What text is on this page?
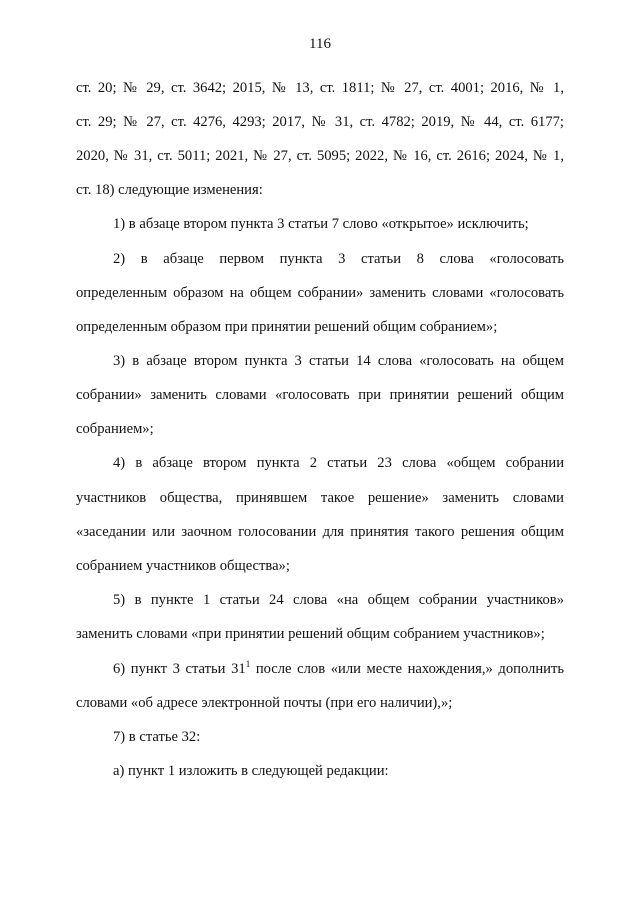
116
ст. 20; № 29, ст. 3642; 2015, № 13, ст. 1811; № 27, ст. 4001; 2016, № 1,
ст. 29; № 27, ст. 4276, 4293; 2017, № 31, ст. 4782; 2019, № 44, ст. 6177;
2020, № 31, ст. 5011; 2021, № 27, ст. 5095; 2022, № 16, ст. 2616; 2024, № 1,
ст. 18) следующие изменения:
1) в абзаце втором пункта 3 статьи 7 слово «открытое» исключить;
2) в абзаце первом пункта 3 статьи 8 слова «голосовать
определенным образом на общем собрании» заменить словами «голосовать
определенным образом при принятии решений общим собранием»;
3) в абзаце втором пункта 3 статьи 14 слова «голосовать на общем
собрании» заменить словами «голосовать при принятии решений общим
собранием»;
4) в абзаце втором пункта 2 статьи 23 слова «общем собрании
участников общества, принявшем такое решение» заменить словами
«заседании или заочном голосовании для принятия такого решения общим
собранием участников общества»;
5) в пункте 1 статьи 24 слова «на общем собрании участников»
заменить словами «при принятии решений общим собранием участников»;
6) пункт 3 статьи $31^1$ после слов «или месте нахождения,» дополнить
словами «об адресе электронной почты (при его наличии),»;
7) в статье 32:
а) пункт 1 изложить в следующей редакции:
